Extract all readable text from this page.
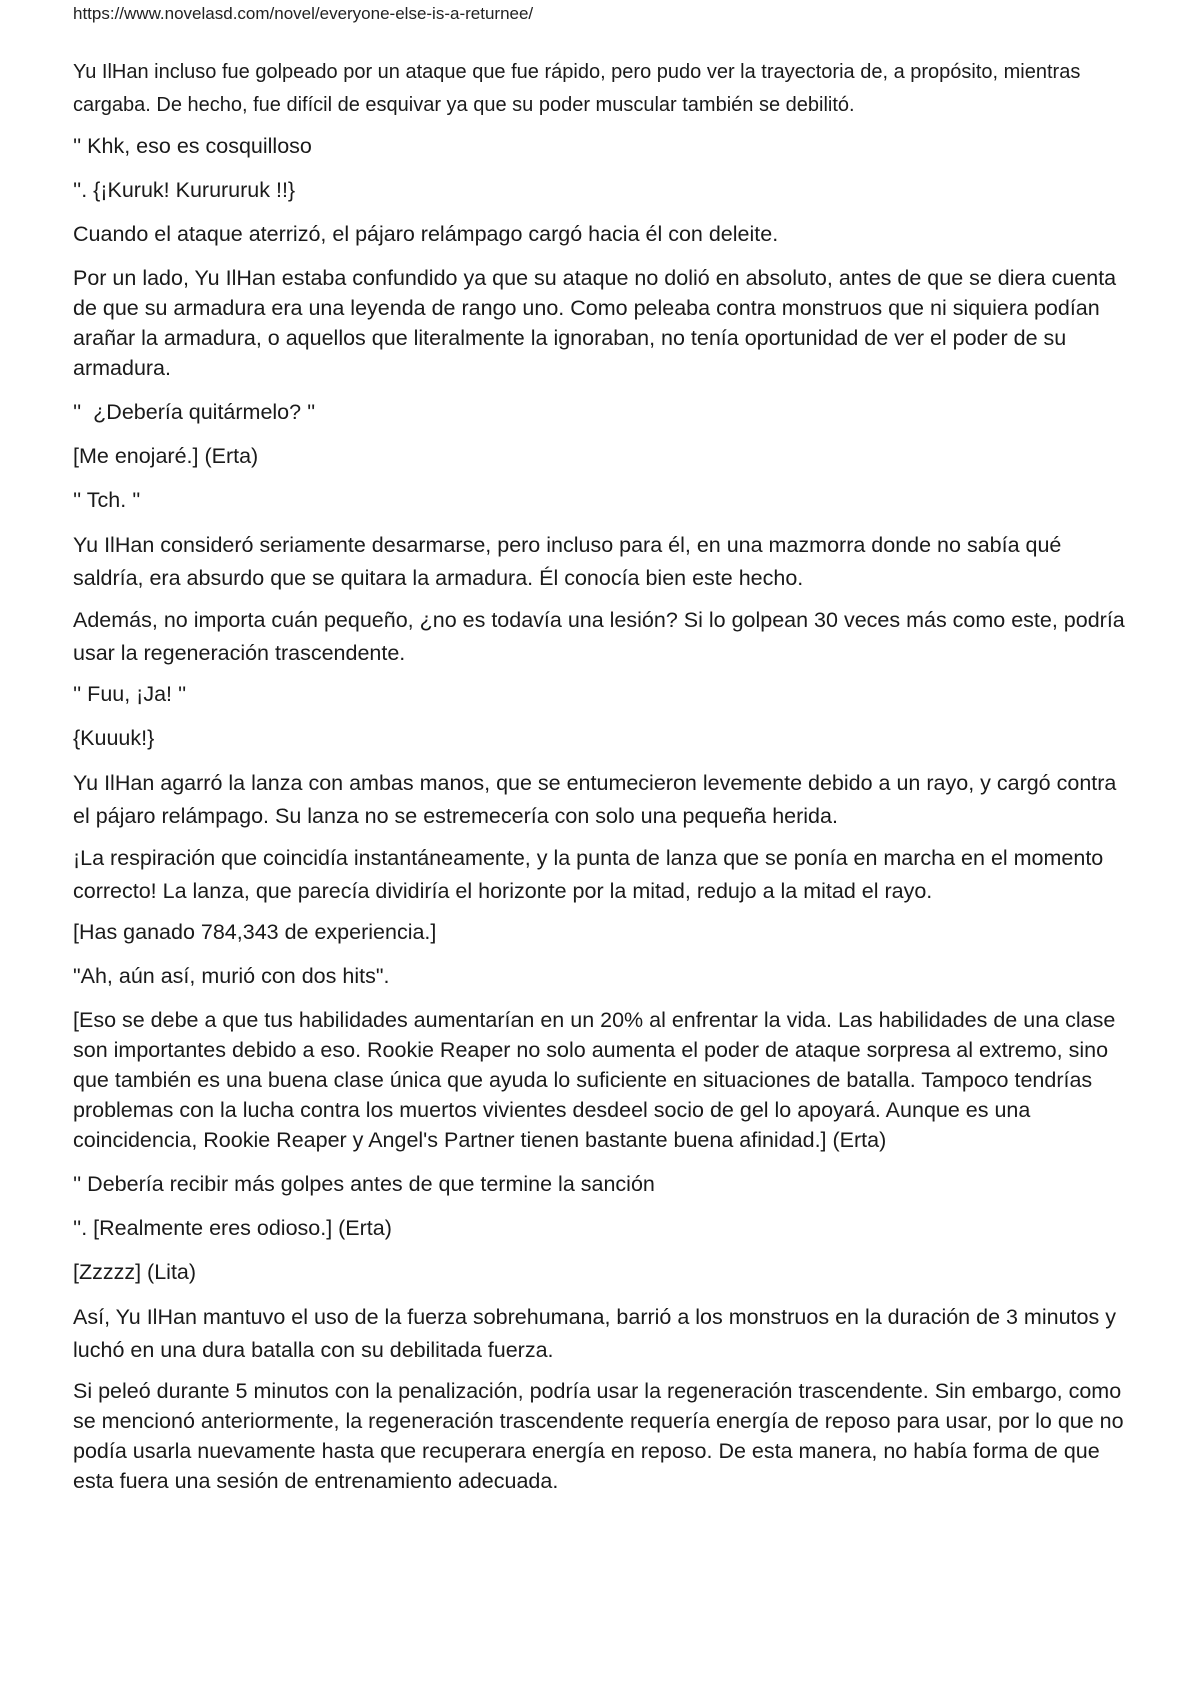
https://www.novelasd.com/novel/everyone-else-is-a-returnee/

Yu IlHan incluso fue golpeado por un ataque que fue rápido, pero pudo ver la trayectoria de, a propósito, mientras cargaba. De hecho, fue difícil de esquivar ya que su poder muscular también se debilitó.

'' Khk, eso es cosquilloso

''. {¡Kuruk! Kurururuk !!}

Cuando el ataque aterrizó, el pájaro relámpago cargó hacia él con deleite.

Por un lado, Yu IlHan estaba confundido ya que su ataque no dolió en absoluto, antes de que se diera cuenta de que su armadura era una leyenda de rango uno. Como peleaba contra monstruos que ni siquiera podían arañar la armadura, o aquellos que literalmente la ignoraban, no tenía oportunidad de ver el poder de su armadura.

''  ¿Debería quitármelo? ''

[Me enojaré.] (Erta)

'' Tch. ''

Yu IlHan consideró seriamente desarmarse, pero incluso para él, en una mazmorra donde no sabía qué saldría, era absurdo que se quitara la armadura. Él conocía bien este hecho.

Además, no importa cuán pequeño, ¿no es todavía una lesión? Si lo golpean 30 veces más como este, podría usar la regeneración trascendente.

'' Fuu, ¡Ja! ''

{Kuuuk!}

Yu IlHan agarró la lanza con ambas manos, que se entumecieron levemente debido a un rayo, y cargó contra el pájaro relámpago. Su lanza no se estremecería con solo una pequeña herida.

¡La respiración que coincidía instantáneamente, y la punta de lanza que se ponía en marcha en el momento correcto! La lanza, que parecía dividiría el horizonte por la mitad, redujo a la mitad el rayo.

[Has ganado 784,343 de experiencia.]

"Ah, aún así, murió con dos hits".

[Eso se debe a que tus habilidades aumentarían en un 20% al enfrentar la vida. Las habilidades de una clase son importantes debido a eso. Rookie Reaper no solo aumenta el poder de ataque sorpresa al extremo, sino que también es una buena clase única que ayuda lo suficiente en situaciones de batalla. Tampoco tendrías problemas con la lucha contra los muertos vivientes desdeel socio de gel lo apoyará. Aunque es una coincidencia, Rookie Reaper y Angel's Partner tienen bastante buena afinidad.] (Erta)

'' Debería recibir más golpes antes de que termine la sanción

''. [Realmente eres odioso.] (Erta)

[Zzzzz] (Lita)

Así, Yu IlHan mantuvo el uso de la fuerza sobrehumana, barrió a los monstruos en la duración de 3 minutos y luchó en una dura batalla con su debilitada fuerza.

Si peleó durante 5 minutos con la penalización, podría usar la regeneración trascendente. Sin embargo, como se mencionó anteriormente, la regeneración trascendente requería energía de reposo para usar, por lo que no podía usarla nuevamente hasta que recuperara energía en reposo. De esta manera, no había forma de que esta fuera una sesión de entrenamiento adecuada.
